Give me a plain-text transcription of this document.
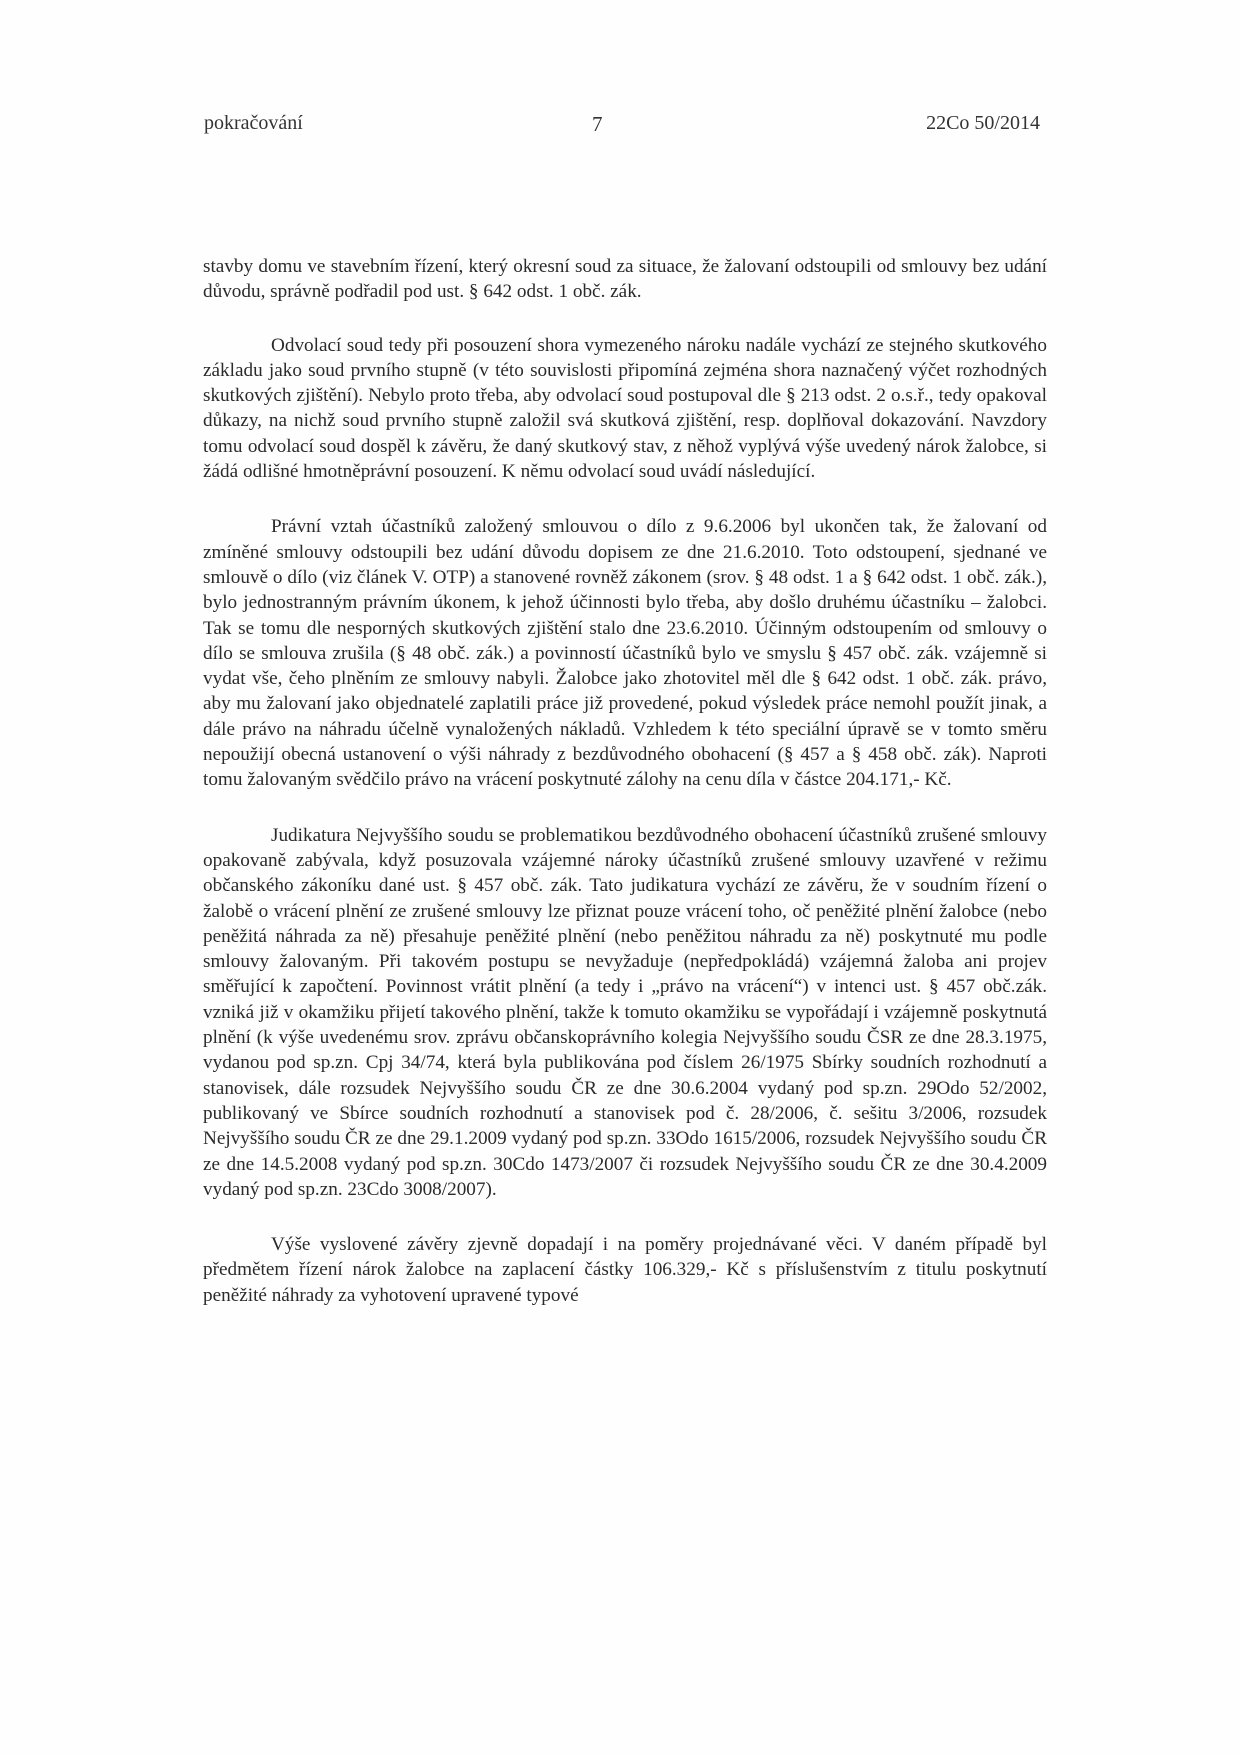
pokračování	7	22Co 50/2014

stavby domu ve stavebním řízení, který okresní soud za situace, že žalovaní odstoupili od smlouvy bez udání důvodu, správně podřadil pod ust. § 642 odst. 1 obč. zák.

Odvolací soud tedy při posouzení shora vymezeného nároku nadále vychází ze stejného skutkového základu jako soud prvního stupně (v této souvislosti připomíná zejména shora naznačený výčet rozhodných skutkových zjištění). Nebylo proto třeba, aby odvolací soud postupoval dle § 213 odst. 2 o.s.ř., tedy opakoval důkazy, na nichž soud prvního stupně založil svá skutková zjištění, resp. doplňoval dokazování. Navzdory tomu odvolací soud dospěl k závěru, že daný skutkový stav, z něhož vyplývá výše uvedený nárok žalobce, si žádá odlišné hmotněprávní posouzení. K němu odvolací soud uvádí následující.

Právní vztah účastníků založený smlouvou o dílo z 9.6.2006 byl ukončen tak, že žalovaní od zmíněné smlouvy odstoupili bez udání důvodu dopisem ze dne 21.6.2010. Toto odstoupení, sjednané ve smlouvě o dílo (viz článek V. OTP) a stanovené rovněž zákonem (srov. § 48 odst. 1 a § 642 odst. 1 obč. zák.), bylo jednostranným právním úkonem, k jehož účinnosti bylo třeba, aby došlo druhému účastníku – žalobci. Tak se tomu dle nesporných skutkových zjištění stalo dne 23.6.2010. Účinným odstoupením od smlouvy o dílo se smlouva zrušila (§ 48 obč. zák.) a povinností účastníků bylo ve smyslu § 457 obč. zák. vzájemně si vydat vše, čeho plněním ze smlouvy nabyli. Žalobce jako zhotovitel měl dle § 642 odst. 1 obč. zák. právo, aby mu žalovaní jako objednatelé zaplatili práce již provedené, pokud výsledek práce nemohl použít jinak, a dále právo na náhradu účelně vynaložených nákladů. Vzhledem k této speciální úpravě se v tomto směru nepoužijí obecná ustanovení o výši náhrady z bezdůvodného obohacení (§ 457 a § 458 obč. zák). Naproti tomu žalovaným svědčilo právo na vrácení poskytnuté zálohy na cenu díla v částce 204.171,- Kč.

Judikatura Nejvyššího soudu se problematikou bezdůvodného obohacení účastníků zrušené smlouvy opakovaně zabývala, když posuzovala vzájemné nároky účastníků zrušené smlouvy uzavřené v režimu občanského zákoníku dané ust. § 457 obč. zák. Tato judikatura vychází ze závěru, že v soudním řízení o žalobě o vrácení plnění ze zrušené smlouvy lze přiznat pouze vrácení toho, oč peněžité plnění žalobce (nebo peněžitá náhrada za ně) přesahuje peněžité plnění (nebo peněžitou náhradu za ně) poskytnuté mu podle smlouvy žalovaným. Při takovém postupu se nevyžaduje (nepředpokládá) vzájemná žaloba ani projev směřující k započtení. Povinnost vrátit plnění (a tedy i „právo na vrácení“) v intenci ust. § 457 obč.zák. vzniká již v okamžiku přijetí takového plnění, takže k tomuto okamžiku se vypořádají i vzájemně poskytnutá plnění (k výše uvedenému srov. zprávu občanskoprávního kolegia Nejvyššího soudu ČSR ze dne 28.3.1975, vydanou pod sp.zn. Cpj 34/74, která byla publikována pod číslem 26/1975 Sbírky soudních rozhodnutí a stanovisek, dále rozsudek Nejvyššího soudu ČR ze dne 30.6.2004 vydaný pod sp.zn. 29Odo 52/2002, publikovaný ve Sbírce soudních rozhodnutí a stanovisek pod č. 28/2006, č. sešitu 3/2006, rozsudek Nejvyššího soudu ČR ze dne 29.1.2009 vydaný pod sp.zn. 33Odo 1615/2006, rozsudek Nejvyššího soudu ČR ze dne 14.5.2008 vydaný pod sp.zn. 30Cdo 1473/2007 či rozsudek Nejvyššího soudu ČR ze dne 30.4.2009 vydaný pod sp.zn. 23Cdo 3008/2007).

Výše vyslovené závěry zjevně dopadají i na poměry projednávané věci. V daném případě byl předmětem řízení nárok žalobce na zaplacení částky 106.329,- Kč s příslušenstvím z titulu poskytnutí peněžité náhrady za vyhotovení upravené typové
